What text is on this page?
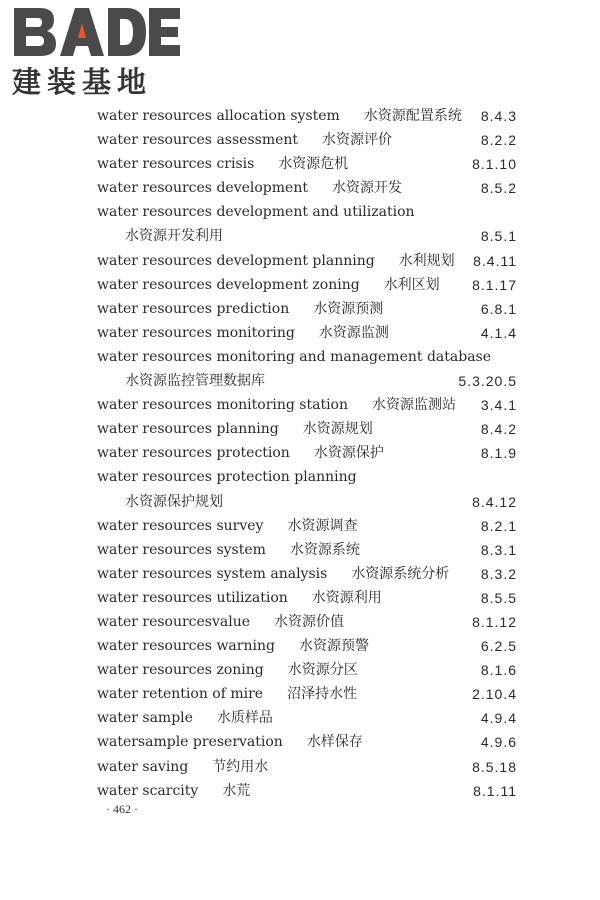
建装基地
water resources allocation system 水资源配置系统 8.4.3
water resources assessment 水资源评价	8.2.2
water resources crisis 水资源危机	8.1.10
water resources development 水资源开发	8.5.2
water resources development and utilization
水资源开发利用	8.5.1
water resources development planning 水利规划 8.4.11
water resources development zoning 水利区划 8.1.17
water resources prediction 水资源预测	6.8.1
water resources monitoring 水资源监测	4.1.4
water resources monitoring and management database
水资源监控管理数据库	5.3.20.5
water resources monitoring station 水资源监测站 3.4.1
water resources planning 水资源规划	8.4.2
water resources protection 水资源保护	8.1.9
water resources protection planning
水资源保护规划	8.4.12
water resources survey 水资源调查	8.2.1
water resources system 水资源系统	8.3.1
water resources system analysis 水资源系统分析 8.3.2
water resources utilization 水资源利用	8.5.5
water resourcesvalue 水资源价值	8.1.12
water resources warning 水资源预警	6.2.5
water resources zoning 水资源分区	8.1.6
water retention of mire 沼泽持水性	2.10.4
water sample 水质样品	4.9.4
watersample preservation 水样保存	4.9.6
water saving 节约用水	8.5.18
water scarcity 水荒	8.1.11
· 462 ·
